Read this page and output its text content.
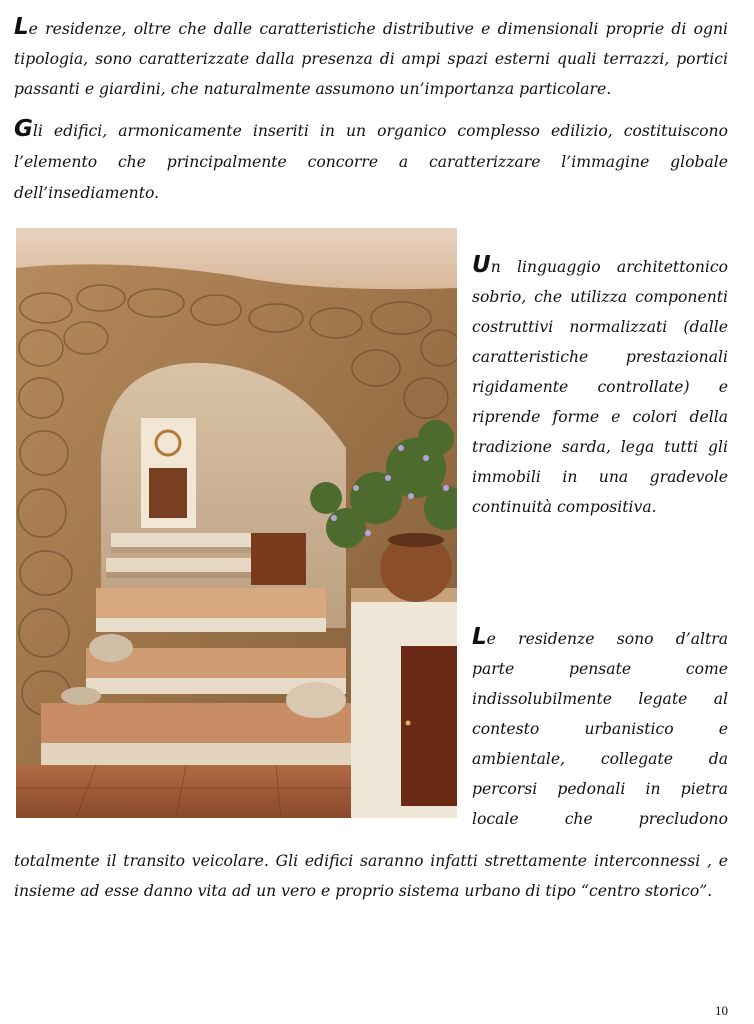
Le residenze, oltre che dalle caratteristiche distributive e dimensionali proprie di ogni
tipologia, sono caratterizzate dalla presenza di ampi spazi esterni quali terrazzi, portici
passanti e giardini, che naturalmente assumono un’importanza particolare.
Gli edifici, armonicamente inseriti in un organico complesso edilizio, costituiscono
l’elemento che principalmente concorre a caratterizzare l’immagine globale
dell’insediamento.
Un linguaggio architettonico
sobrio, che utilizza componenti
costruttivi normalizzati (dalle
caratteristiche prestazionali
rigidamente controllate) e
riprende forme e colori della
tradizione sarda, lega tutti gli
immobili in una gradevole
continuità compositiva.
Le residenze sono d’altra
parte pensate come
indissolubilmente legate al
contesto urbanistico e
ambientale, collegate da
percorsi pedonali in pietra
locale che precludono
totalmente il transito veicolare. Gli edifici saranno infatti strettamente interconnessi , e
insieme ad esse danno vita ad un vero e proprio sistema urbano di tipo “centro storico”.
10
